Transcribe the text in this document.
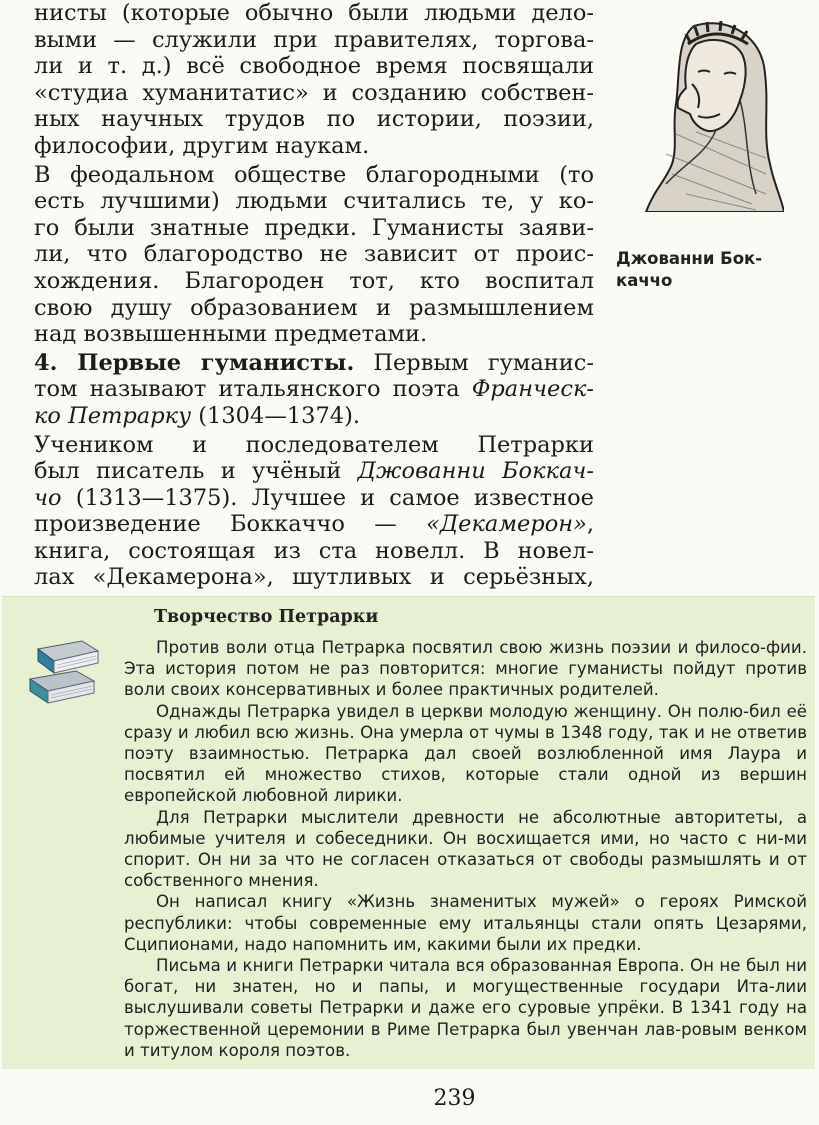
нисты (которые обычно были людьми дело-
выми — служили при правителях, торгова-
ли и т. д.) всё свободное время посвящали
«студиа хуманитатис» и созданию собствен-
ных научных трудов по истории, поэзии,
философии, другим наукам.
В феодальном обществе благородными (то
есть лучшими) людьми считались те, у ко-
го были знатные предки. Гуманисты заяви-
ли, что благородство не зависит от проис-
хождения. Благороден тот, кто воспитал
свою душу образованием и размышлением
над возвышенными предметами.
4. Первые гуманисты. Первым гуманис-
том называют итальянского поэта Франческ-
ко Петрарку (1304—1374).
Учеником и последователем Петрарки
был писатель и учёный Джованни Боккач-
чо (1313—1375). Лучшее и самое известное
произведение Боккаччо — «Декамерон»,
книга, состоящая из ста новелл. В новел-
лах «Декамерона», шутливых и серьёзных,
Джованни Бок-
каччо
Творчество Петрарки

Против воли отца Петрарка посвятил свою жизнь поэзии и филосо-фии. Эта история потом не раз повторится: многие гуманисты пойдут против воли своих консервативных и более практичных родителей.

Однажды Петрарка увидел в церкви молодую женщину. Он полю-бил её сразу и любил всю жизнь. Она умерла от чумы в 1348 году, так и не ответив поэту взаимностью. Петрарка дал своей возлюбленной имя Лаура и посвятил ей множество стихов, которые стали одной из вершин европейской любовной лирики.

Для Петрарки мыслители древности не абсолютные авторитеты, а любимые учителя и собеседники. Он восхищается ими, но часто с ни-ми спорит. Он ни за что не согласен отказаться от свободы размышлять и от собственного мнения.

Он написал книгу «Жизнь знаменитых мужей» о героях Римской республики: чтобы современные ему итальянцы стали опять Цезарями, Сципионами, надо напомнить им, какими были их предки.

Письма и книги Петрарки читала вся образованная Европа. Он не был ни богат, ни знатен, но и папы, и могущественные государи Ита-лии выслушивали советы Петрарки и даже его суровые упрёки. В 1341 году на торжественной церемонии в Риме Петрарка был увенчан лав-ровым венком и титулом короля поэтов.

239
